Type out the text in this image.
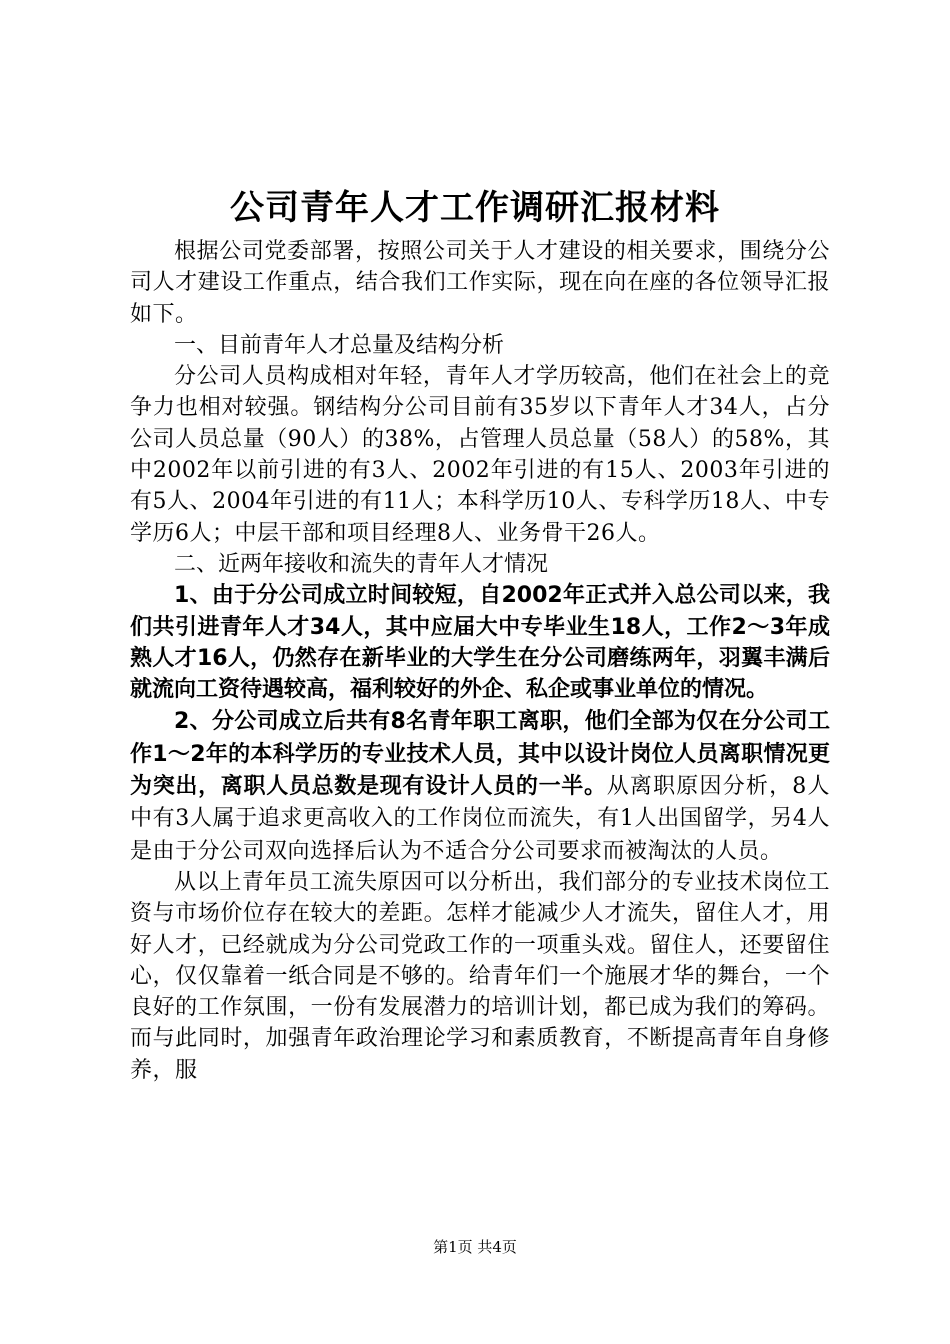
公司青年人才工作调研汇报材料

根据公司党委部署，按照公司关于人才建设的相关要求，围绕分公司人才建设工作重点，结合我们工作实际，现在向在座的各位领导汇报如下。

一、目前青年人才总量及结构分析

分公司人员构成相对年轻，青年人才学历较高，他们在社会上的竞争力也相对较强。钢结构分公司目前有35岁以下青年人才34人，占分公司人员总量（90人）的38%，占管理人员总量（58人）的58%，其中2002年以前引进的有3人、2002年引进的有15人、2003年引进的有5人、2004年引进的有11人；本科学历10人、专科学历18人、中专学历6人；中层干部和项目经理8人、业务骨干26人。

二、近两年接收和流失的青年人才情况

1、由于分公司成立时间较短，自2002年正式并入总公司以来，我们共引进青年人才34人，其中应届大中专毕业生18人，工作2～3年成熟人才16人，仍然存在新毕业的大学生在分公司磨练两年，羽翼丰满后就流向工资待遇较高，福利较好的外企、私企或事业单位的情况。

2、分公司成立后共有8名青年职工离职，他们全部为仅在分公司工作1～2年的本科学历的专业技术人员，其中以设计岗位人员离职情况更为突出，离职人员总数是现有设计人员的一半。

从离职原因分析，8人中有3人属于追求更高收入的工作岗位而流失，有1人出国留学，另4人是由于分公司双向选择后认为不适合分公司要求而被淘汰的人员。

从以上青年员工流失原因可以分析出，我们部分的专业技术岗位工资与市场价位存在较大的差距。怎样才能减少人才流失，留住人才，用好人才，已经就成为分公司党政工作的一项重头戏。留住人，还要留住心，仅仅靠着一纸合同是不够的。给青年们一个施展才华的舞台，一个良好的工作氛围，一份有发展潜力的培训计划，都已成为我们的筹码。而与此同时，加强青年政治理论学习和素质教育，不断提高青年自身修养，服

第1页 共4页
